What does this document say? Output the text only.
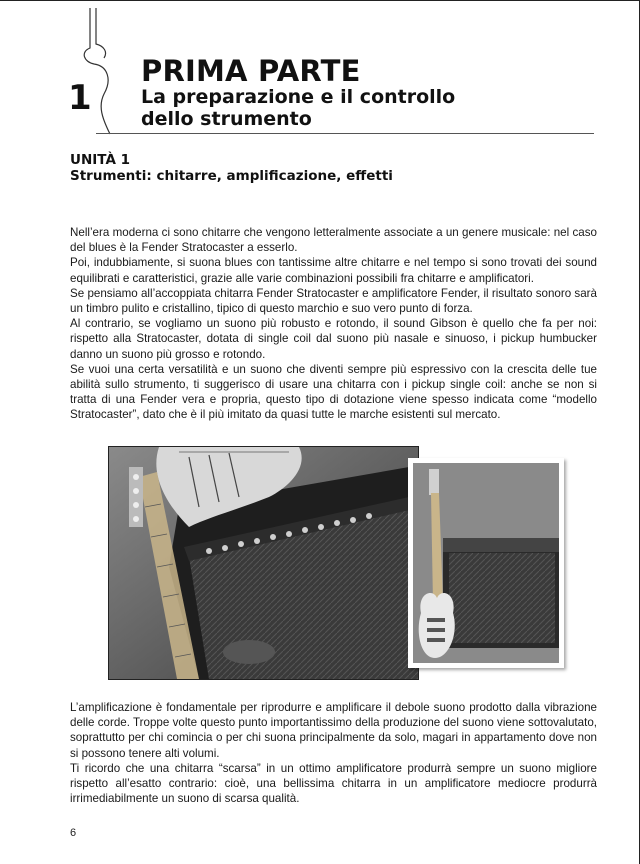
1
PRIMA PARTE
La preparazione e il controllo
dello strumento
UNITÀ 1
Strumenti: chitarre, amplificazione, effetti

Nell’era moderna ci sono chitarre che vengono letteralmente associate a un genere musicale: nel caso del blues è la Fender Stratocaster a esserlo.

Poi, indubbiamente, si suona blues con tantissime altre chitarre e nel tempo si sono trovati dei sound equilibrati e caratteristici, grazie alle varie combinazioni possibili fra chitarre e amplificatori.

Se pensiamo all’accoppiata chitarra Fender Stratocaster e amplificatore Fender, il risultato sonoro sarà un timbro pulito e cristallino, tipico di questo marchio e suo vero punto di forza.

Al contrario, se vogliamo un suono più robusto e rotondo, il sound Gibson è quello che fa per noi: rispetto alla Stratocaster, dotata di single coil dal suono più nasale e sinuoso, i pickup humbucker danno un suono più grosso e rotondo.

Se vuoi una certa versatilità e un suono che diventi sempre più espressivo con la crescita delle tue abilità sullo strumento, ti suggerisco di usare una chitarra con i pickup single coil: anche se non si tratta di una Fender vera e propria, questo tipo di dotazione viene spesso indicata come “modello Stratocaster”, dato che è il più imitato da quasi tutte le marche esistenti sul mercato.

L’amplificazione è fondamentale per riprodurre e amplificare il debole suono prodotto dalla vibrazione delle corde. Troppe volte questo punto importantissimo della produzione del suono viene sottovalutato, soprattutto per chi comincia o per chi suona principalmente da solo, magari in appartamento dove non si possono tenere alti volumi.

Ti ricordo che una chitarra “scarsa” in un ottimo amplificatore produrrà sempre un suono migliore rispetto all’esatto contrario: cioè, una bellissima chitarra in un amplificatore mediocre produrrà irrimediabilmente un suono di scarsa qualità.

6
